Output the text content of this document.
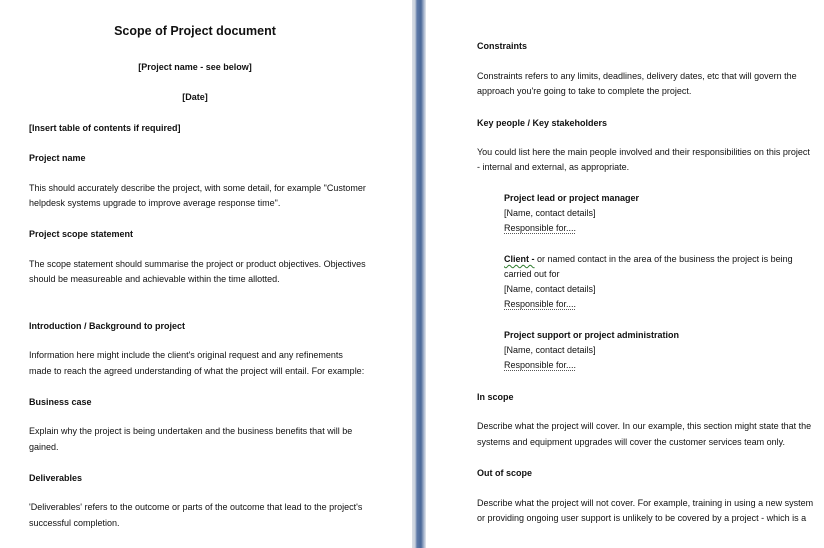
Scope of Project document
[Project name - see below]
[Date]
[Insert table of contents if required]
Project name
This should accurately describe the project, with some detail, for example "Customer
helpdesk systems upgrade to improve average response time".
Project scope statement
The scope statement should summarise the project or product objectives. Objectives
should be measureable and achievable within the time allotted.
Introduction / Background to project
Information here might include the client's original request and any refinements
made to reach the agreed understanding of what the project will entail. For example:
Business case
Explain why the project is being undertaken and the business benefits that will be
gained.
Deliverables
'Deliverables' refers to the outcome or parts of the outcome that lead to the project's
successful completion.
Constraints
Constraints refers to any limits, deadlines, delivery dates, etc that will govern the
approach you're going to take to complete the project.
Key people / Key stakeholders
You could list here the main people involved and their responsibilities on this project
- internal and external, as appropriate.
Project lead or project manager
[Name, contact details]
Responsible for....
Client - or named contact in the area of the business the project is being
carried out for
[Name, contact details]
Responsible for....
Project support or project administration
[Name, contact details]
Responsible for....
In scope
Describe what the project will cover. In our example, this section might state that the
systems and equipment upgrades will cover the customer services team only.
Out of scope
Describe what the project will not cover. For example, training in using a new system
or providing ongoing user support is unlikely to be covered by a project - which is a
